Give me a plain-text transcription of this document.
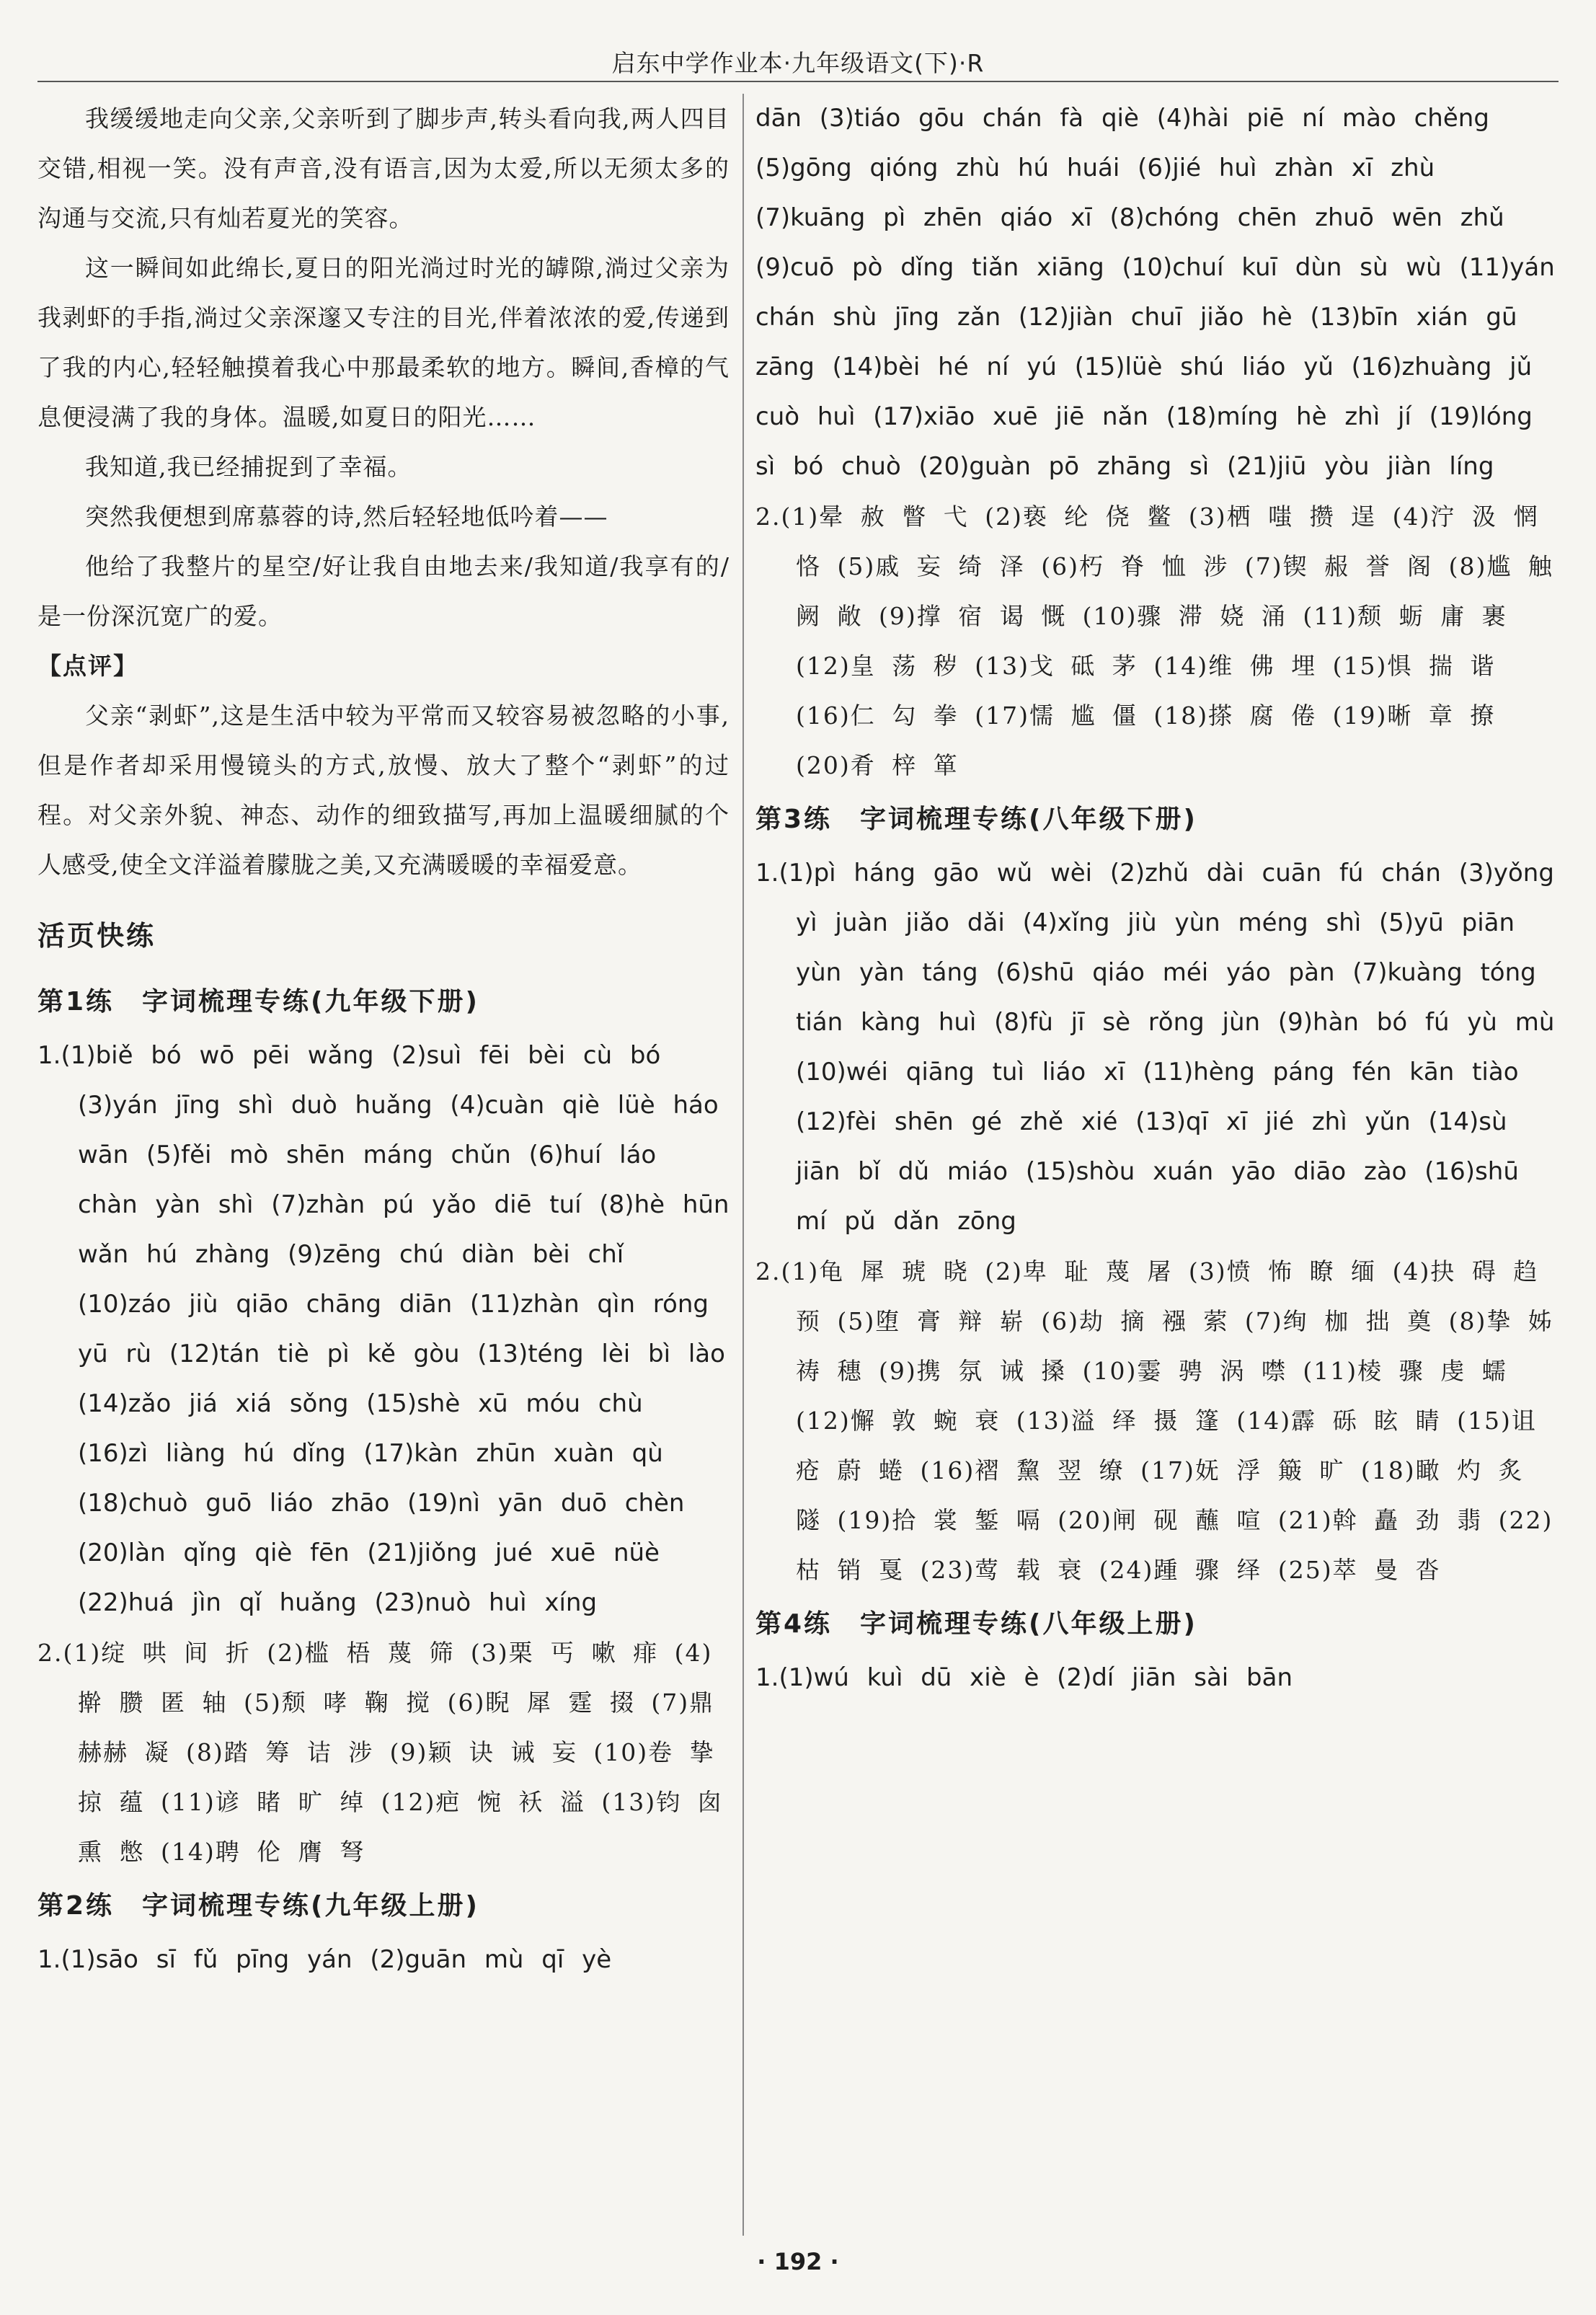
启东中学作业本·九年级语文(下)·R

我缓缓地走向父亲,父亲听到了脚步声,转头看向我,两人四目交错,相视一笑。没有声音,没有语言,因为太爱,所以无须太多的沟通与交流,只有灿若夏光的笑容。

这一瞬间如此绵长,夏日的阳光淌过时光的罅隙,淌过父亲为我剥虾的手指,淌过父亲深邃又专注的目光,伴着浓浓的爱,传递到了我的内心,轻轻触摸着我心中那最柔软的地方。瞬间,香樟的气息便浸满了我的身体。温暖,如夏日的阳光……

我知道,我已经捕捉到了幸福。

突然我便想到席慕蓉的诗,然后轻轻地低吟着——

他给了我整片的星空/好让我自由地去来/我知道/我享有的/是一份深沉宽广的爱。

【点评】

父亲“剥虾”,这是生活中较为平常而又较容易被忽略的小事,但是作者却采用慢镜头的方式,放慢、放大了整个“剥虾”的过程。对父亲外貌、神态、动作的细致描写,再加上温暖细腻的个人感受,使全文洋溢着朦胧之美,又充满暖暖的幸福爱意。

活页快练
第1练　字词梳理专练(九年级下册)

1.(1)biě bó wō pēi wǎng (2)suì fēi bèi cù bó (3)yán jīng shì duò huǎng (4)cuàn qiè lüè háo wān (5)fěi mò shēn máng chǔn (6)huí láo chàn yàn shì (7)zhàn pú yǎo diē tuí (8)hè hūn wǎn hú zhàng (9)zēng chú diàn bèi chǐ (10)záo jiù qiāo chāng diān (11)zhàn qìn róng yū rù (12)tán tiè pì kě gòu (13)téng lèi bì lào (14)zǎo jiá xiá sǒng (15)shè xū móu chù (16)zì liàng hú dǐng (17)kàn zhūn xuàn qù (18)chuò guō liáo zhāo (19)nì yān duō chèn (20)làn qǐng qiè fēn (21)jiǒng jué xuē nüè (22)huá jìn qǐ huǎng (23)nuò huì xíng

2.(1)绽 哄 间 折 (2)槛 梧 蔑 筛 (3)栗 丐 嗽 痱 (4)擀 臜 匿 轴 (5)颓 哮 鞠 搅 (6)睨 犀 霆 掇 (7)鼎 赫赫 凝 (8)踏 筹 诘 涉 (9)颖 诀 诫 妄 (10)卷 挚 掠 蕴 (11)谚 睹 旷 绰 (12)疤 惋 袄 溢 (13)钧 囱 熏 憋 (14)聘 伦 膺 弩

第2练　字词梳理专练(九年级上册)

1.(1)sāo sī fǔ pīng yán (2)guān mù qī yè

dān (3)tiáo gōu chán fà qiè (4)hài piē ní mào chěng (5)gōng qióng zhù hú huái (6)jié huì zhàn xī zhù (7)kuāng pì zhēn qiáo xī (8)chóng chēn zhuō wēn zhǔ (9)cuō pò dǐng tiǎn xiāng (10)chuí kuī dùn sù wù (11)yán chán shù jīng zǎn (12)jiàn chuī jiǎo hè (13)bīn xián gū zāng (14)bèi hé ní yú (15)lüè shú liáo yǔ (16)zhuàng jǔ cuò huì (17)xiāo xuē jiē nǎn (18)míng hè zhì jí (19)lóng sì bó chuò (20)guàn pō zhāng sì (21)jiū yòu jiàn líng

2.(1)晕 赦 瞥 弋 (2)亵 纶 侥 鳖 (3)栖 嗤 攒 逞 (4)泞 汲 惘 恪 (5)戚 妄 绮 泽 (6)朽 脊 恤 涉 (7)锲 赧 誉 阁 (8)尴 触 阙 敞 (9)撑 宿 谒 慨 (10)骤 滞 娆 涌 (11)颓 蛎 庸 裹 (12)皇 荡 秽 (13)戈 砥 茅 (14)维 佛 埋 (15)惧 揣 谐 (16)仁 勾 拳 (17)懦 尴 僵 (18)搽 腐 倦 (19)晰 章 撩 (20)肴 梓 箪

第3练　字词梳理专练(八年级下册)

1.(1)pì háng gāo wǔ wèi (2)zhǔ dài cuān fú chán (3)yǒng yì juàn jiǎo dǎi (4)xǐng jiù yùn méng shì (5)yū piān yùn yàn táng (6)shū qiáo méi yáo pàn (7)kuàng tóng tián kàng huì (8)fù jī sè rǒng jùn (9)hàn bó fú yù mù (10)wéi qiāng tuì liáo xī (11)hèng páng fén kān tiào (12)fèi shēn gé zhě xié (13)qī xī jié zhì yǔn (14)sù jiān bǐ dǔ miáo (15)shòu xuán yāo diāo zào (16)shū mí pǔ dǎn zōng

2.(1)龟 犀 琥 晓 (2)卑 耻 蔑 屠 (3)愤 怖 瞭 缅 (4)抉 碍 趋 预 (5)堕 膏 辩 崭 (6)劫 摘 襁 萦 (7)绚 枷 拙 奠 (8)挚 姊 祷 穗 (9)携 氛 诫 搡 (10)霎 骋 涡 噤 (11)棱 骤 虔 蠕 (12)懈 敦 蜿 衰 (13)溢 绎 摄 篷 (14)霹 砾 眩 睛 (15)诅 疮 蔚 蜷 (16)褶 黧 翌 缭 (17)妩 浮 簸 旷 (18)瞰 灼 炙 隧 (19)拾 裳 錾 嗝 (20)闸 砚 蘸 喧 (21)斡 矗 劲 翡 (22)枯 销 戛 (23)莺 载 衰 (24)踵 骤 绎 (25)萃 曼 沓

第4练　字词梳理专练(八年级上册)

1.(1)wú kuì dū xiè è (2)dí jiān sài bān

· 192 ·
